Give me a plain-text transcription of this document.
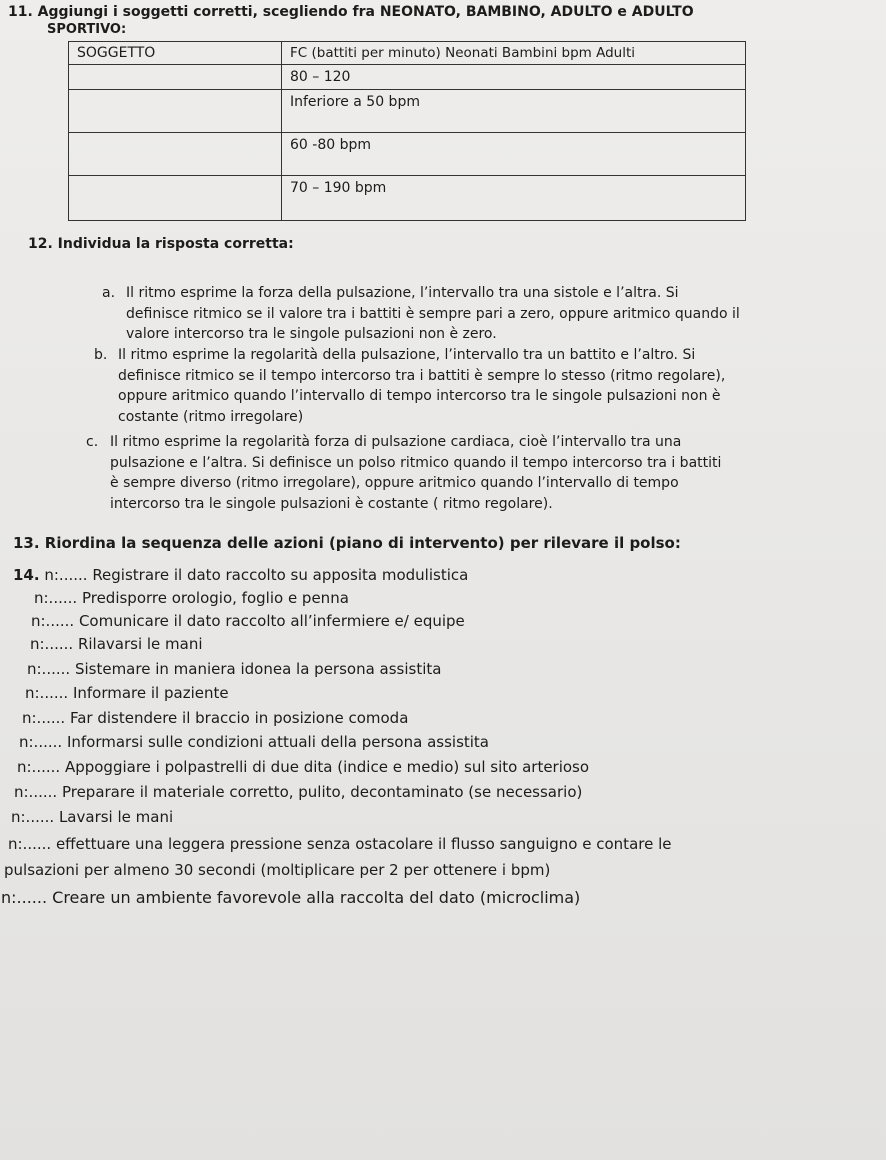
11. Aggiungi i soggetti corretti, scegliendo fra NEONATO, BAMBINO, ADULTO e ADULTO
SPORTIVO:
SOGGETTO	FC (battiti per minuto) Neonati Bambini bpm Adulti
	80 – 120
	Inferiore a 50 bpm
	60 -80 bpm
	70 – 190 bpm
12. Individua la risposta corretta:
a. Il ritmo esprime la forza della pulsazione, l’intervallo tra una sistole e l’altra. Si
definisce ritmico se il valore tra i battiti è sempre pari a zero, oppure aritmico quando il
valore intercorso tra le singole pulsazioni non è zero.
b. Il ritmo esprime la regolarità della pulsazione, l’intervallo tra un battito e l’altro. Si
definisce ritmico se il tempo intercorso tra i battiti è sempre lo stesso (ritmo regolare),
oppure aritmico quando l’intervallo di tempo intercorso tra le singole pulsazioni non è
costante (ritmo irregolare)
c. Il ritmo esprime la regolarità forza di pulsazione cardiaca, cioè l’intervallo tra una
pulsazione e l’altra. Si definisce un polso ritmico quando il tempo intercorso tra i battiti
è sempre diverso (ritmo irregolare), oppure aritmico quando l’intervallo di tempo
intercorso tra le singole pulsazioni è costante ( ritmo regolare).
13. Riordina la sequenza delle azioni (piano di intervento) per rilevare il polso:
14. n:...... Registrare il dato raccolto su apposita modulistica
n:...... Predisporre orologio, foglio e penna
n:...... Comunicare il dato raccolto all’infermiere e/ equipe
n:...... Rilavarsi le mani
n:...... Sistemare in maniera idonea la persona assistita
n:...... Informare il paziente
n:...... Far distendere il braccio in posizione comoda
n:...... Informarsi sulle condizioni attuali della persona assistita
n:...... Appoggiare i polpastrelli di due dita (indice e medio) sul sito arterioso
n:...... Preparare il materiale corretto, pulito, decontaminato (se necessario)
n:...... Lavarsi le mani
n:...... effettuare una leggera pressione senza ostacolare il flusso sanguigno e contare le
pulsazioni per almeno 30 secondi (moltiplicare per 2 per ottenere i bpm)
n:...... Creare un ambiente favorevole alla raccolta del dato (microclima)
